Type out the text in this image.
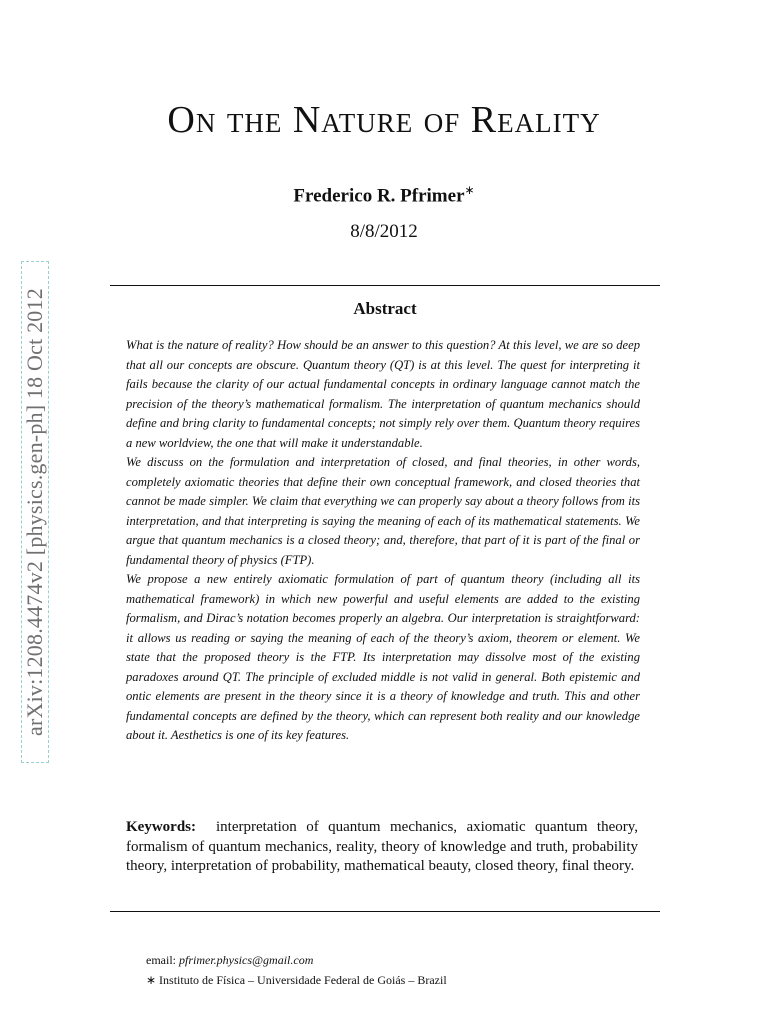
arXiv:1208.4474v2 [physics.gen-ph] 18 Oct 2012
On the Nature of Reality
Frederico R. Pfrimer∗
8/8/2012
Abstract

What is the nature of reality? How should be an answer to this question? At this level, we are so deep that all our concepts are obscure. Quantum theory (QT) is at this level. The quest for interpreting it fails because the clarity of our actual fundamental concepts in ordinary language cannot match the precision of the theory’s mathematical formalism. The interpretation of quantum mechanics should define and bring clarity to fundamental concepts; not simply rely over them. Quantum theory requires a new worldview, the one that will make it understandable.

We discuss on the formulation and interpretation of closed, and final theories, in other words, completely axiomatic theories that define their own conceptual framework, and closed theories that cannot be made simpler. We claim that everything we can properly say about a theory follows from its interpretation, and that interpreting is saying the meaning of each of its mathematical statements. We argue that quantum mechanics is a closed theory; and, therefore, that part of it is part of the final or fundamental theory of physics (FTP).

We propose a new entirely axiomatic formulation of part of quantum theory (including all its mathematical framework) in which new powerful and useful elements are added to the existing formalism, and Dirac’s notation becomes properly an algebra. Our interpretation is straightforward: it allows us reading or saying the meaning of each of the theory’s axiom, theorem or element. We state that the proposed theory is the FTP. Its interpretation may dissolve most of the existing paradoxes around QT. The principle of excluded middle is not valid in general. Both epistemic and ontic elements are present in the theory since it is a theory of knowledge and truth. This and other fundamental concepts are defined by the theory, which can represent both reality and our knowledge about it. Aesthetics is one of its key features.

Keywords: interpretation of quantum mechanics, axiomatic quantum theory, formalism of quantum mechanics, reality, theory of knowledge and truth, probability theory, interpretation of probability, mathematical beauty, closed theory, final theory.
email: pfrimer.physics@gmail.com
∗ Instituto de Física – Universidade Federal de Goiás – Brazil
